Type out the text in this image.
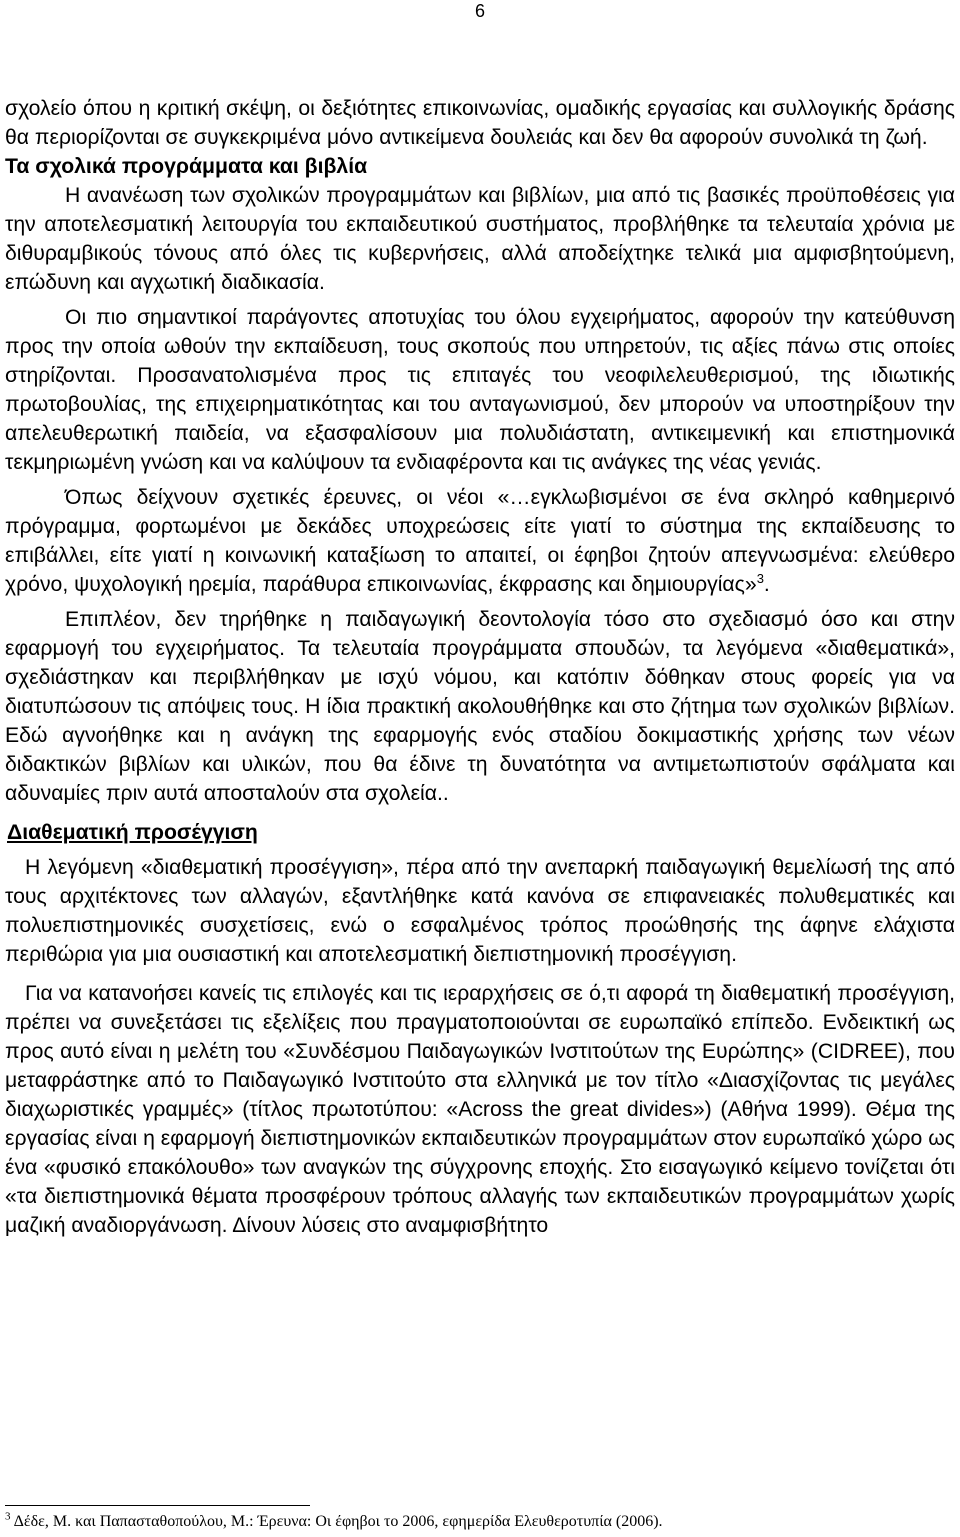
6

σχολείο όπου η κριτική σκέψη, οι δεξιότητες επικοινωνίας, ομαδικής εργασίας και συλλογικής δράσης θα περιορίζονται σε συγκεκριμένα μόνο αντικείμενα δουλειάς και δεν θα αφορούν συνολικά τη ζωή.

Τα σχολικά προγράμματα και βιβλία

Η ανανέωση των σχολικών προγραμμάτων και βιβλίων, μια από τις βασικές προϋποθέσεις για την αποτελεσματική λειτουργία του εκπαιδευτικού συστήματος, προβλήθηκε τα τελευταία χρόνια με διθυραμβικούς τόνους από όλες τις κυβερνήσεις, αλλά αποδείχτηκε τελικά μια αμφισβητούμενη, επώδυνη και αγχωτική διαδικασία.

Οι πιο σημαντικοί παράγοντες αποτυχίας του όλου εγχειρήματος, αφορούν την κατεύθυνση προς την οποία ωθούν την εκπαίδευση, τους σκοπούς που υπηρετούν, τις αξίες πάνω στις οποίες στηρίζονται. Προσανατολισμένα προς τις επιταγές του νεοφιλελευθερισμού, της ιδιωτικής πρωτοβουλίας, της επιχειρηματικότητας και του ανταγωνισμού, δεν μπορούν να υποστηρίξουν την απελευθερωτική παιδεία, να εξασφαλίσουν μια πολυδιάστατη, αντικειμενική και επιστημονικά τεκμηριωμένη γνώση και να καλύψουν τα ενδιαφέροντα και τις ανάγκες της νέας γενιάς.

Όπως δείχνουν σχετικές έρευνες, οι νέοι «…εγκλωβισμένοι σε ένα σκληρό καθημερινό πρόγραμμα, φορτωμένοι με δεκάδες υποχρεώσεις είτε γιατί το σύστημα της εκπαίδευσης το επιβάλλει, είτε γιατί η κοινωνική καταξίωση το απαιτεί, οι έφηβοι ζητούν απεγνωσμένα: ελεύθερο χρόνο, ψυχολογική ηρεμία, παράθυρα επικοινωνίας, έκφρασης και δημιουργίας»$^3$.

Επιπλέον, δεν τηρήθηκε η παιδαγωγική δεοντολογία τόσο στο σχεδιασμό όσο και στην εφαρμογή του εγχειρήματος. Τα τελευταία προγράμματα σπουδών, τα λεγόμενα «διαθεματικά», σχεδιάστηκαν και περιβλήθηκαν με ισχύ νόμου, και κατόπιν δόθηκαν στους φορείς για να διατυπώσουν τις απόψεις τους. Η ίδια πρακτική ακολουθήθηκε και στο ζήτημα των σχολικών βιβλίων. Εδώ αγνοήθηκε και η ανάγκη της εφαρμογής ενός σταδίου δοκιμαστικής χρήσης των νέων διδακτικών βιβλίων και υλικών, που θα έδινε τη δυνατότητα να αντιμετωπιστούν σφάλματα και αδυναμίες πριν αυτά αποσταλούν στα σχολεία..

Διαθεματική προσέγγιση

Η λεγόμενη «διαθεματική προσέγγιση», πέρα από την ανεπαρκή παιδαγωγική θεμελίωσή της από τους αρχιτέκτονες των αλλαγών, εξαντλήθηκε κατά κανόνα σε επιφανειακές πολυθεματικές και πολυεπιστημονικές συσχετίσεις, ενώ ο εσφαλμένος τρόπος προώθησής της άφηνε ελάχιστα περιθώρια για μια ουσιαστική και αποτελεσματική διεπιστημονική προσέγγιση.

Για να κατανοήσει κανείς τις επιλογές και τις ιεραρχήσεις σε ό,τι αφορά τη διαθεματική προσέγγιση, πρέπει να συνεξετάσει τις εξελίξεις που πραγματοποιούνται σε ευρωπαϊκό επίπεδο. Ενδεικτική ως προς αυτό είναι η μελέτη του «Συνδέσμου Παιδαγωγικών Ινστιτούτων της Ευρώπης» (CIDREE), που μεταφράστηκε από το Παιδαγωγικό Ινστιτούτο στα ελληνικά με τον τίτλο «Διασχίζοντας τις μεγάλες διαχωριστικές γραμμές» (τίτλος πρωτοτύπου: «Across the great divides») (Αθήνα 1999). Θέμα της εργασίας είναι η εφαρμογή διεπιστημονικών εκπαιδευτικών προγραμμάτων στον ευρωπαϊκό χώρο ως ένα «φυσικό επακόλουθο» των αναγκών της σύγχρονης εποχής. Στο εισαγωγικό κείμενο τονίζεται ότι «τα διεπιστημονικά θέματα προσφέρουν τρόπους αλλαγής των εκπαιδευτικών προγραμμάτων χωρίς μαζική αναδιοργάνωση. Δίνουν λύσεις στο αναμφισβήτητο

$^3$ Δέδε, Μ. και Παπασταθοπούλου, Μ.: Έρευνα: Οι έφηβοι το 2006, εφημερίδα Ελευθεροτυπία (2006).
